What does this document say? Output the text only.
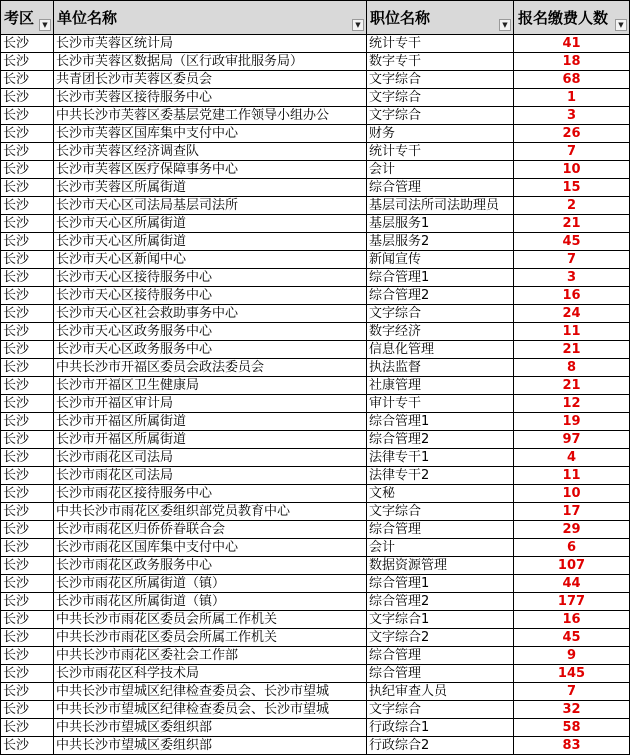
考区 ▼	单位名称 ▼	职位名称 ▼	报名缴费人数 ▼

长沙	长沙市芙蓉区统计局	统计专干	41
长沙	长沙市芙蓉区数据局（区行政审批服务局）	数字专干	18
长沙	共青团长沙市芙蓉区委员会	文字综合	68
长沙	长沙市芙蓉区接待服务中心	文字综合	1
长沙	中共长沙市芙蓉区委基层党建工作领导小组办公	文字综合	3
长沙	长沙市芙蓉区国库集中支付中心	财务	26
长沙	长沙市芙蓉区经济调查队	统计专干	7
长沙	长沙市芙蓉区医疗保障事务中心	会计	10
长沙	长沙市芙蓉区所属街道	综合管理	15
长沙	长沙市天心区司法局基层司法所	基层司法所司法助理员	2
长沙	长沙市天心区所属街道	基层服务1	21
长沙	长沙市天心区所属街道	基层服务2	45
长沙	长沙市天心区新闻中心	新闻宣传	7
长沙	长沙市天心区接待服务中心	综合管理1	3
长沙	长沙市天心区接待服务中心	综合管理2	16
长沙	长沙市天心区社会救助事务中心	文字综合	24
长沙	长沙市天心区政务服务中心	数字经济	11
长沙	长沙市天心区政务服务中心	信息化管理	21
长沙	中共长沙市开福区委员会政法委员会	执法监督	8
长沙	长沙市开福区卫生健康局	社康管理	21
长沙	长沙市开福区审计局	审计专干	12
长沙	长沙市开福区所属街道	综合管理1	19
长沙	长沙市开福区所属街道	综合管理2	97
长沙	长沙市雨花区司法局	法律专干1	4
长沙	长沙市雨花区司法局	法律专干2	11
长沙	长沙市雨花区接待服务中心	文秘	10
长沙	中共长沙市雨花区委组织部党员教育中心	文字综合	17
长沙	长沙市雨花区归侨侨眷联合会	综合管理	29
长沙	长沙市雨花区国库集中支付中心	会计	6
长沙	长沙市雨花区政务服务中心	数据资源管理	107
长沙	长沙市雨花区所属街道（镇）	综合管理1	44
长沙	长沙市雨花区所属街道（镇）	综合管理2	177
长沙	中共长沙市雨花区委员会所属工作机关	文字综合1	16
长沙	中共长沙市雨花区委员会所属工作机关	文字综合2	45
长沙	中共长沙市雨花区委社会工作部	综合管理	9
长沙	长沙市雨花区科学技术局	综合管理	145
长沙	中共长沙市望城区纪律检查委员会、长沙市望城	执纪审查人员	7
长沙	中共长沙市望城区纪律检查委员会、长沙市望城	文字综合	32
长沙	中共长沙市望城区委组织部	行政综合1	58
长沙	中共长沙市望城区委组织部	行政综合2	83
